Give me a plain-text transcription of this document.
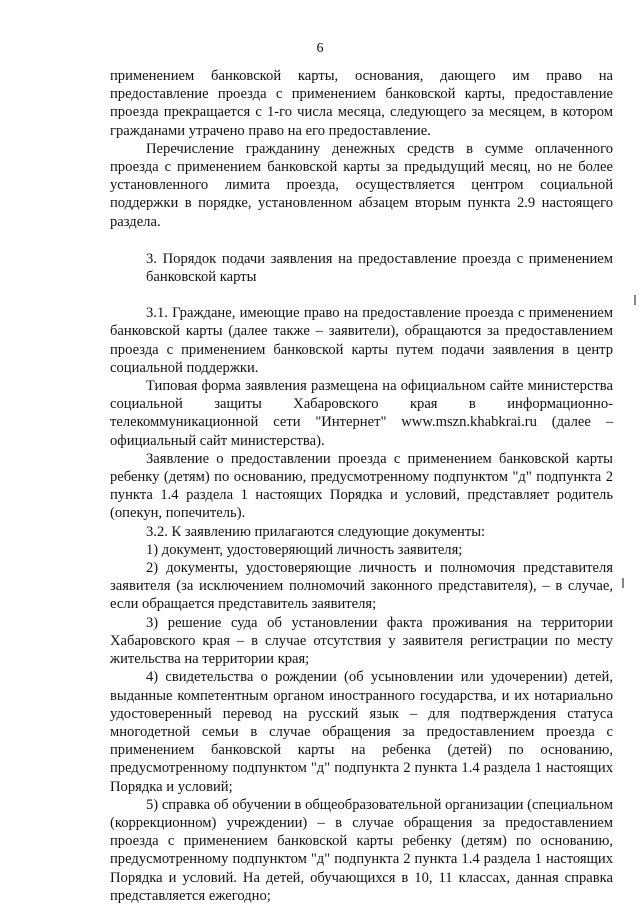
6

применением банковской карты, основания, дающего им право на предоставление проезда с применением банковской карты, предоставление проезда прекращается с 1-го числа месяца, следующего за месяцем, в котором гражданами утрачено право на его предоставление.

Перечисление гражданину денежных средств в сумме оплаченного проезда с применением банковской карты за предыдущий месяц, но не более установленного лимита проезда, осуществляется центром социальной поддержки в порядке, установленном абзацем вторым пункта 2.9 настоящего раздела.

3. Порядок подачи заявления на предоставление проезда с применением банковской карты

3.1. Граждане, имеющие право на предоставление проезда с применением банковской карты (далее также – заявители), обращаются за предоставлением проезда с применением банковской карты путем подачи заявления в центр социальной поддержки.

Типовая форма заявления размещена на официальном сайте министерства социальной защиты Хабаровского края в информационно-телекоммуникационной сети "Интернет" www.mszn.khabkrai.ru (далее – официальный сайт министерства).

Заявление о предоставлении проезда с применением банковской карты ребенку (детям) по основанию, предусмотренному подпунктом "д" подпункта 2 пункта 1.4 раздела 1 настоящих Порядка и условий, представляет родитель (опекун, попечитель).

3.2. К заявлению прилагаются следующие документы:

1) документ, удостоверяющий личность заявителя;

2) документы, удостоверяющие личность и полномочия представителя заявителя (за исключением полномочий законного представителя), – в случае, если обращается представитель заявителя;

3) решение суда об установлении факта проживания на территории Хабаровского края – в случае отсутствия у заявителя регистрации по месту жительства на территории края;

4) свидетельства о рождении (об усыновлении или удочерении) детей, выданные компетентным органом иностранного государства, и их нотариально удостоверенный перевод на русский язык – для подтверждения статуса многодетной семьи в случае обращения за предоставлением проезда с применением банковской карты на ребенка (детей) по основанию, предусмотренному подпунктом "д" подпункта 2 пункта 1.4 раздела 1 настоящих Порядка и условий;

5) справка об обучении в общеобразовательной организации (специальном (коррекционном) учреждении) – в случае обращения за предоставлением проезда с применением банковской карты ребенку (детям) по основанию, предусмотренному подпунктом "д" подпункта 2 пункта 1.4 раздела 1 настоящих Порядка и условий. На детей, обучающихся в 10, 11 классах, данная справка представляется ежегодно;
